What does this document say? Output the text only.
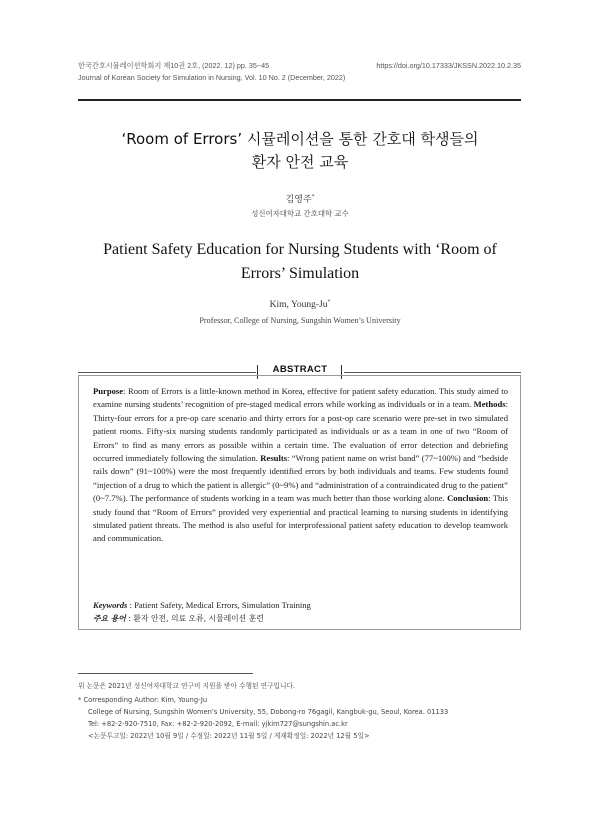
한국간호시뮬레이션학회지 제10권 2호, (2022. 12) pp. 35~45
Journal of Korean Society for Simulation in Nursing, Vol. 10 No. 2 (December, 2022)
https://doi.org/10.17333/JKSSN.2022.10.2.35
‘Room of Errors’ 시뮬레이션을 통한 간호대 학생들의
환자 안전 교육
김영주*
성신여자대학교 간호대학 교수
Patient Safety Education for Nursing Students with ‘Room of
Errors’ Simulation
Kim, Young-Ju*
Professor, College of Nursing, Sungshin Women’s University
ABSTRACT
Purpose: Room of Errors is a little-known method in Korea, effective for patient safety education. This study aimed to examine nursing students’ recognition of pre-staged medical errors while working as individuals or in a team. Methods: Thirty-four errors for a pre-op care scenario and thirty errors for a post-op care scenario were pre-set in two simulated patient rooms. Fifty-six nursing students randomly participated as individuals or as a team in one of two “Room of Errors” to find as many errors as possible within a certain time. The evaluation of error detection and debriefing occurred immediately following the simulation. Results: “Wrong patient name on wrist band” (77~100%) and “bedside rails down” (91~100%) were the most frequently identified errors by both individuals and teams. Few students found “injection of a drug to which the patient is allergic” (0~9%) and “administration of a contraindicated drug to the patient” (0~7.7%). The performance of students working in a team was much better than those working alone. Conclusion: This study found that “Room of Errors” provided very experiential and practical learning to nursing students in identifying simulated patient threats. The method is also useful for interprofessional patient safety education to develop teamwork and communication.
Keywords : Patient Safety, Medical Errors, Simulation Training
주요 용어 : 환자 안전, 의료 오류, 시뮬레이션 훈련
위 논문은 2021년 성신여자대학교 연구비 지원을 받아 수행된 연구입니다.
* Corresponding Author: Kim, Young-Ju
College of Nursing, Sungshin Women’s University, 55, Dobong-ro 76gagil, Kangbuk-gu, Seoul, Korea. 01133
Tel: +82-2-920-7510, Fax: +82-2-920-2092, E-mail: yjkim727@sungshin.ac.kr
<논문투고일: 2022년 10월 9일 / 수정일: 2022년 11월 5일 / 게재확정일: 2022년 12월 5일>
